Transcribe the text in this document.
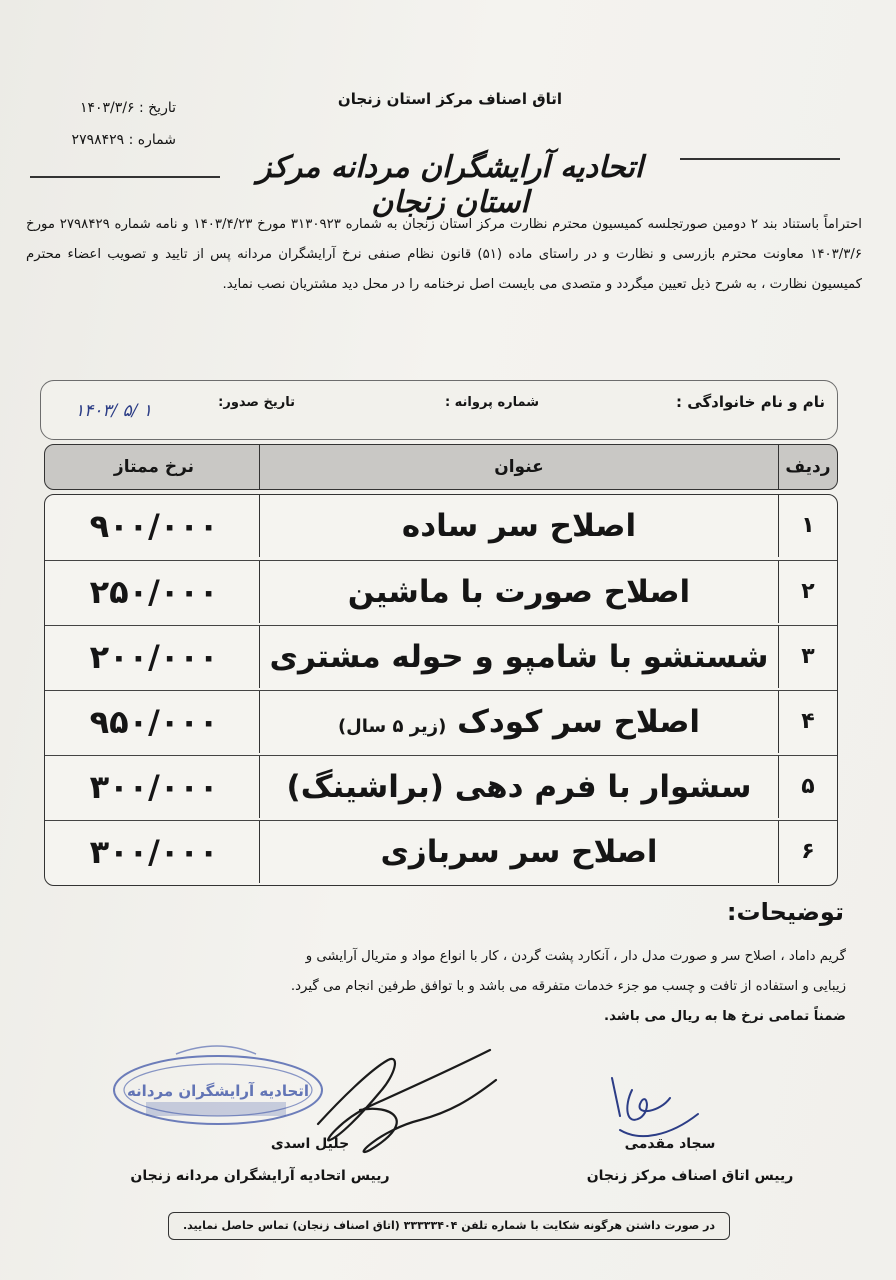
تاریخ : ۱۴۰۳/۳/۶
شماره : ۲۷۹۸۴۲۹
اتاق اصناف مرکز استان زنجان
اتحادیه آرایشگران مردانه مرکز استان زنجان
احتراماً باستناد بند ۲ دومین صورتجلسه کمیسیون محترم نظارت مرکز استان زنجان به شماره ۳۱۳۰۹۲۳ مورخ ۱۴۰۳/۴/۲۳ و نامه شماره ۲۷۹۸۴۲۹ مورخ ۱۴۰۳/۳/۶ معاونت محترم بازرسی و نظارت و در راستای ماده (۵۱) قانون نظام صنفی نرخ آرایشگران مردانه پس از تایید و تصویب اعضاء محترم کمیسیون نظارت ، به شرح ذیل تعیین میگردد و متصدی می بایست اصل نرخنامه را در محل دید مشتریان نصب نماید.
نام و نام خانوادگی :
شماره پروانه :
تاریخ صدور:
۱۴۰۳/ ۵/ ۱
ردیف
عنوان
نرخ ممتاز
۱
اصلاح سر ساده
۹۰۰/۰۰۰
۲
اصلاح صورت با ماشین
۲۵۰/۰۰۰
۳
شستشو با شامپو و حوله مشتری
۲۰۰/۰۰۰
۴
اصلاح سر کودک (زیر ۵ سال)
۹۵۰/۰۰۰
۵
سشوار با فرم دهی (براشینگ)
۳۰۰/۰۰۰
۶
اصلاح سر سربازی
۳۰۰/۰۰۰
توضیحات:
گریم داماد ، اصلاح سر و صورت مدل دار ، آنکارد پشت گردن ، کار با انواع مواد و متریال آرایشی و
زیبایی و استفاده از تافت و چسب مو جزء خدمات متفرقه می باشد و با توافق طرفین انجام می گیرد.
ضمناً تمامی نرخ ها به ریال می باشد.
اتحادیه آرایشگران مردانه
جلیل اسدی
رییس اتحادیه آرایشگران مردانه زنجان
سجاد مقدمی
رییس اتاق اصناف مرکز زنجان
در صورت داشتن هرگونه شکایت با شماره تلفن ۳۳۳۳۳۴۰۴ (اتاق اصناف زنجان) تماس حاصل نمایید.
